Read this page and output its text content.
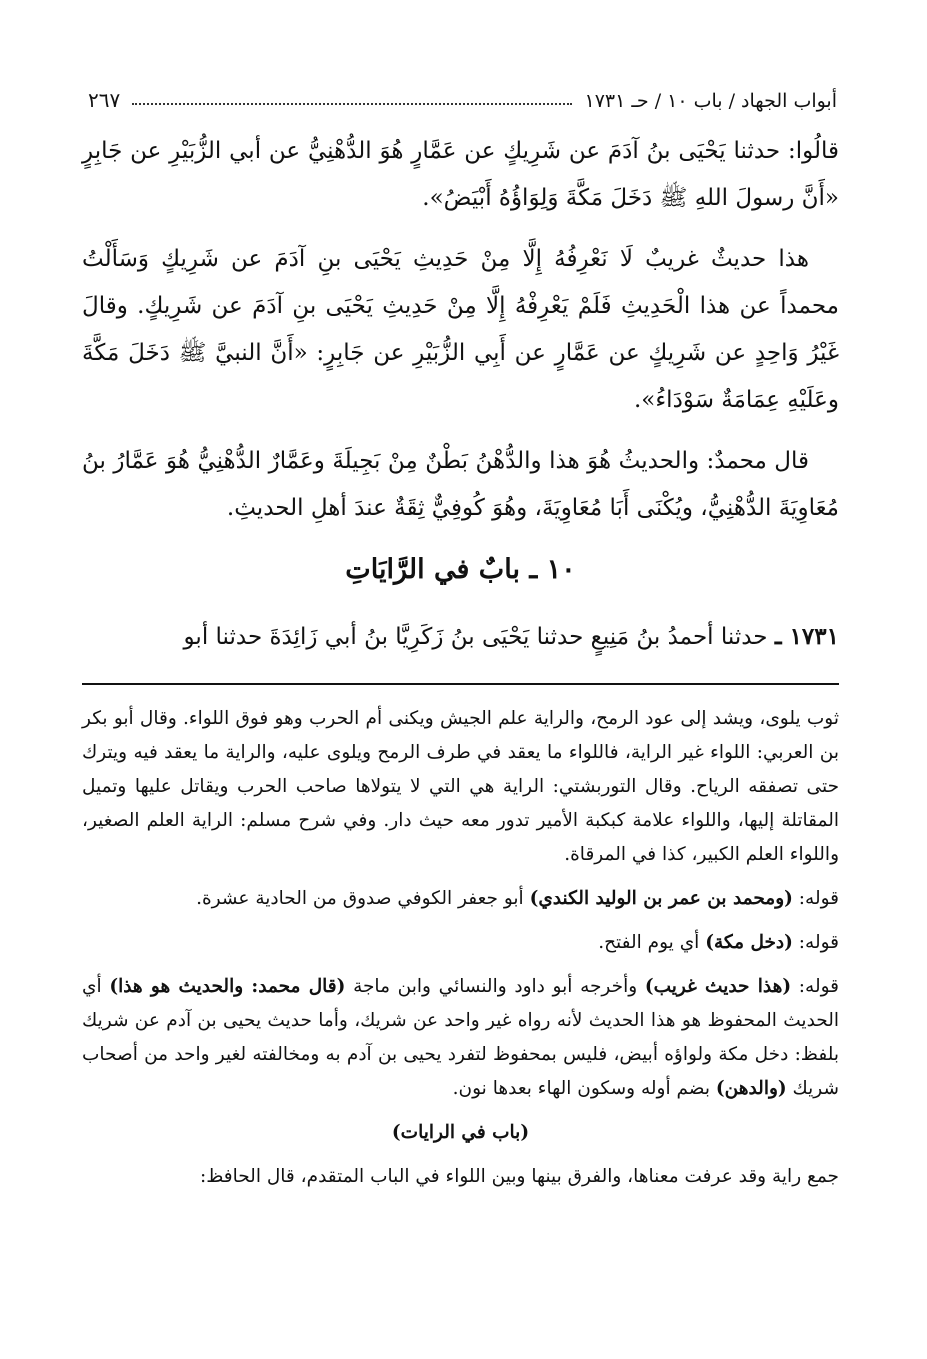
أبواب الجهاد / باب ١٠ / حـ ١٧٣١
٢٦٧

قالُوا: حدثنا يَحْيَى بنُ آدَمَ عن شَرِيكٍ عن عَمَّارٍ هُوَ الدُّهْنِيُّ عن أبي الزُّبَيْرِ عن جَابِرٍ «أَنَّ رسولَ اللهِ ﷺ دَخَلَ مَكَّةَ وَلِوَاؤُهُ أَبْيَضُ».

هذا حديثٌ غريبٌ لَا نَعْرِفُهُ إِلَّا مِنْ حَدِيثِ يَحْيَى بنِ آدَمَ عن شَرِيكٍ وَسَأَلْتُ محمداً عن هذا الْحَدِيثِ فَلَمْ يَعْرِفْهُ إِلَّا مِنْ حَدِيثِ يَحْيَى بنِ آدَمَ عن شَرِيكٍ. وقالَ غَيْرُ وَاحِدٍ عن شَرِيكٍ عن عَمَّارٍ عن أَبِي الزُّبَيْرِ عن جَابِرٍ: «أَنَّ النبيَّ ﷺ دَخَلَ مَكَّةَ وعَلَيْهِ عِمَامَةٌ سَوْدَاءُ».

قال محمدٌ: والحديثُ هُوَ هذا والدُّهْنُ بَطْنٌ مِنْ بَجِيلَةَ وعَمَّارٌ الدُّهْنِيُّ هُوَ عَمَّارُ بنُ مُعَاوِيَةَ الدُّهْنِيُّ، ويُكْنَى أَبَا مُعَاوِيَةَ، وهُوَ كُوفِيٌّ ثِقَةٌ عندَ أهلِ الحديثِ.

١٠ ـ بابٌ في الرَّايَاتِ

١٧٣١ ـ حدثنا أحمدُ بنُ مَنِيعٍ حدثنا يَحْيَى بنُ زَكَرِيَّا بنُ أبي زَائِدَةَ حدثنا أبو

ثوب يلوى، ويشد إلى عود الرمح، والراية علم الجيش ويكنى أم الحرب وهو فوق اللواء. وقال أبو بكر بن العربي: اللواء غير الراية، فاللواء ما يعقد في طرف الرمح ويلوى عليه، والراية ما يعقد فيه ويترك حتى تصفقه الرياح. وقال التوربشتي: الراية هي التي لا يتولاها صاحب الحرب ويقاتل عليها وتميل المقاتلة إليها، واللواء علامة كبكبة الأمير تدور معه حيث دار. وفي شرح مسلم: الراية العلم الصغير، واللواء العلم الكبير، كذا في المرقاة.

قوله: (ومحمد بن عمر بن الوليد الكندي) أبو جعفر الكوفي صدوق من الحادية عشرة.

قوله: (دخل مكة) أي يوم الفتح.

قوله: (هذا حديث غريب) وأخرجه أبو داود والنسائي وابن ماجة (قال محمد: والحديث هو هذا) أي الحديث المحفوظ هو هذا الحديث لأنه رواه غير واحد عن شريك، وأما حديث يحيى بن آدم عن شريك بلفظ: دخل مكة ولواؤه أبيض، فليس بمحفوظ لتفرد يحيى بن آدم به ومخالفته لغير واحد من أصحاب شريك (والدهن) بضم أوله وسكون الهاء بعدها نون.

(باب في الرايات)

جمع راية وقد عرفت معناها، والفرق بينها وبين اللواء في الباب المتقدم، قال الحافظ:
